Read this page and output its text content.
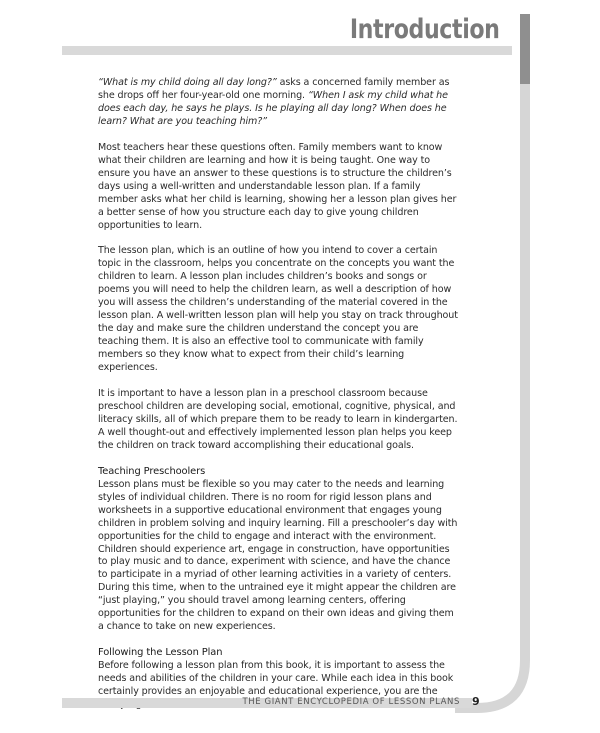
Introduction

“What is my child doing all day long?” asks a concerned family member as she drops off her four-year-old one morning. “When I ask my child what he does each day, he says he plays. Is he playing all day long? When does he learn? What are you teaching him?”

Most teachers hear these questions often. Family members want to know what their children are learning and how it is being taught. One way to ensure you have an answer to these questions is to structure the children’s days using a well-written and understandable lesson plan. If a family member asks what her child is learning, showing her a lesson plan gives her a better sense of how you structure each day to give young children opportunities to learn.

The lesson plan, which is an outline of how you intend to cover a certain topic in the classroom, helps you concentrate on the concepts you want the children to learn. A lesson plan includes children’s books and songs or poems you will need to help the children learn, as well a description of how you will assess the children’s understanding of the material covered in the lesson plan. A well-written lesson plan will help you stay on track throughout the day and make sure the children understand the concept you are teaching them. It is also an effective tool to communicate with family members so they know what to expect from their child’s learning experiences.

It is important to have a lesson plan in a preschool classroom because preschool children are developing social, emotional, cognitive, physical, and literacy skills, all of which prepare them to be ready to learn in kindergarten. A well thought-out and effectively implemented lesson plan helps you keep the children on track toward accomplishing their educational goals.

Teaching Preschoolers

Lesson plans must be flexible so you may cater to the needs and learning styles of individual children. There is no room for rigid lesson plans and worksheets in a supportive educational environment that engages young children in problem solving and inquiry learning. Fill a preschooler’s day with opportunities for the child to engage and interact with the environment. Children should experience art, engage in construction, have opportunities to play music and to dance, experiment with science, and have the chance to participate in a myriad of other learning activities in a variety of centers. During this time, when to the untrained eye it might appear the children are “just playing,” you should travel among learning centers, offering opportunities for the children to expand on their own ideas and giving them a chance to take on new experiences.

Following the Lesson Plan

Before following a lesson plan from this book, it is important to assess the needs and abilities of the children in your care. While each idea in this book certainly provides an enjoyable and educational experience, you are the

THE GIANT ENCYCLOPEDIA OF LESSON PLANS 9
